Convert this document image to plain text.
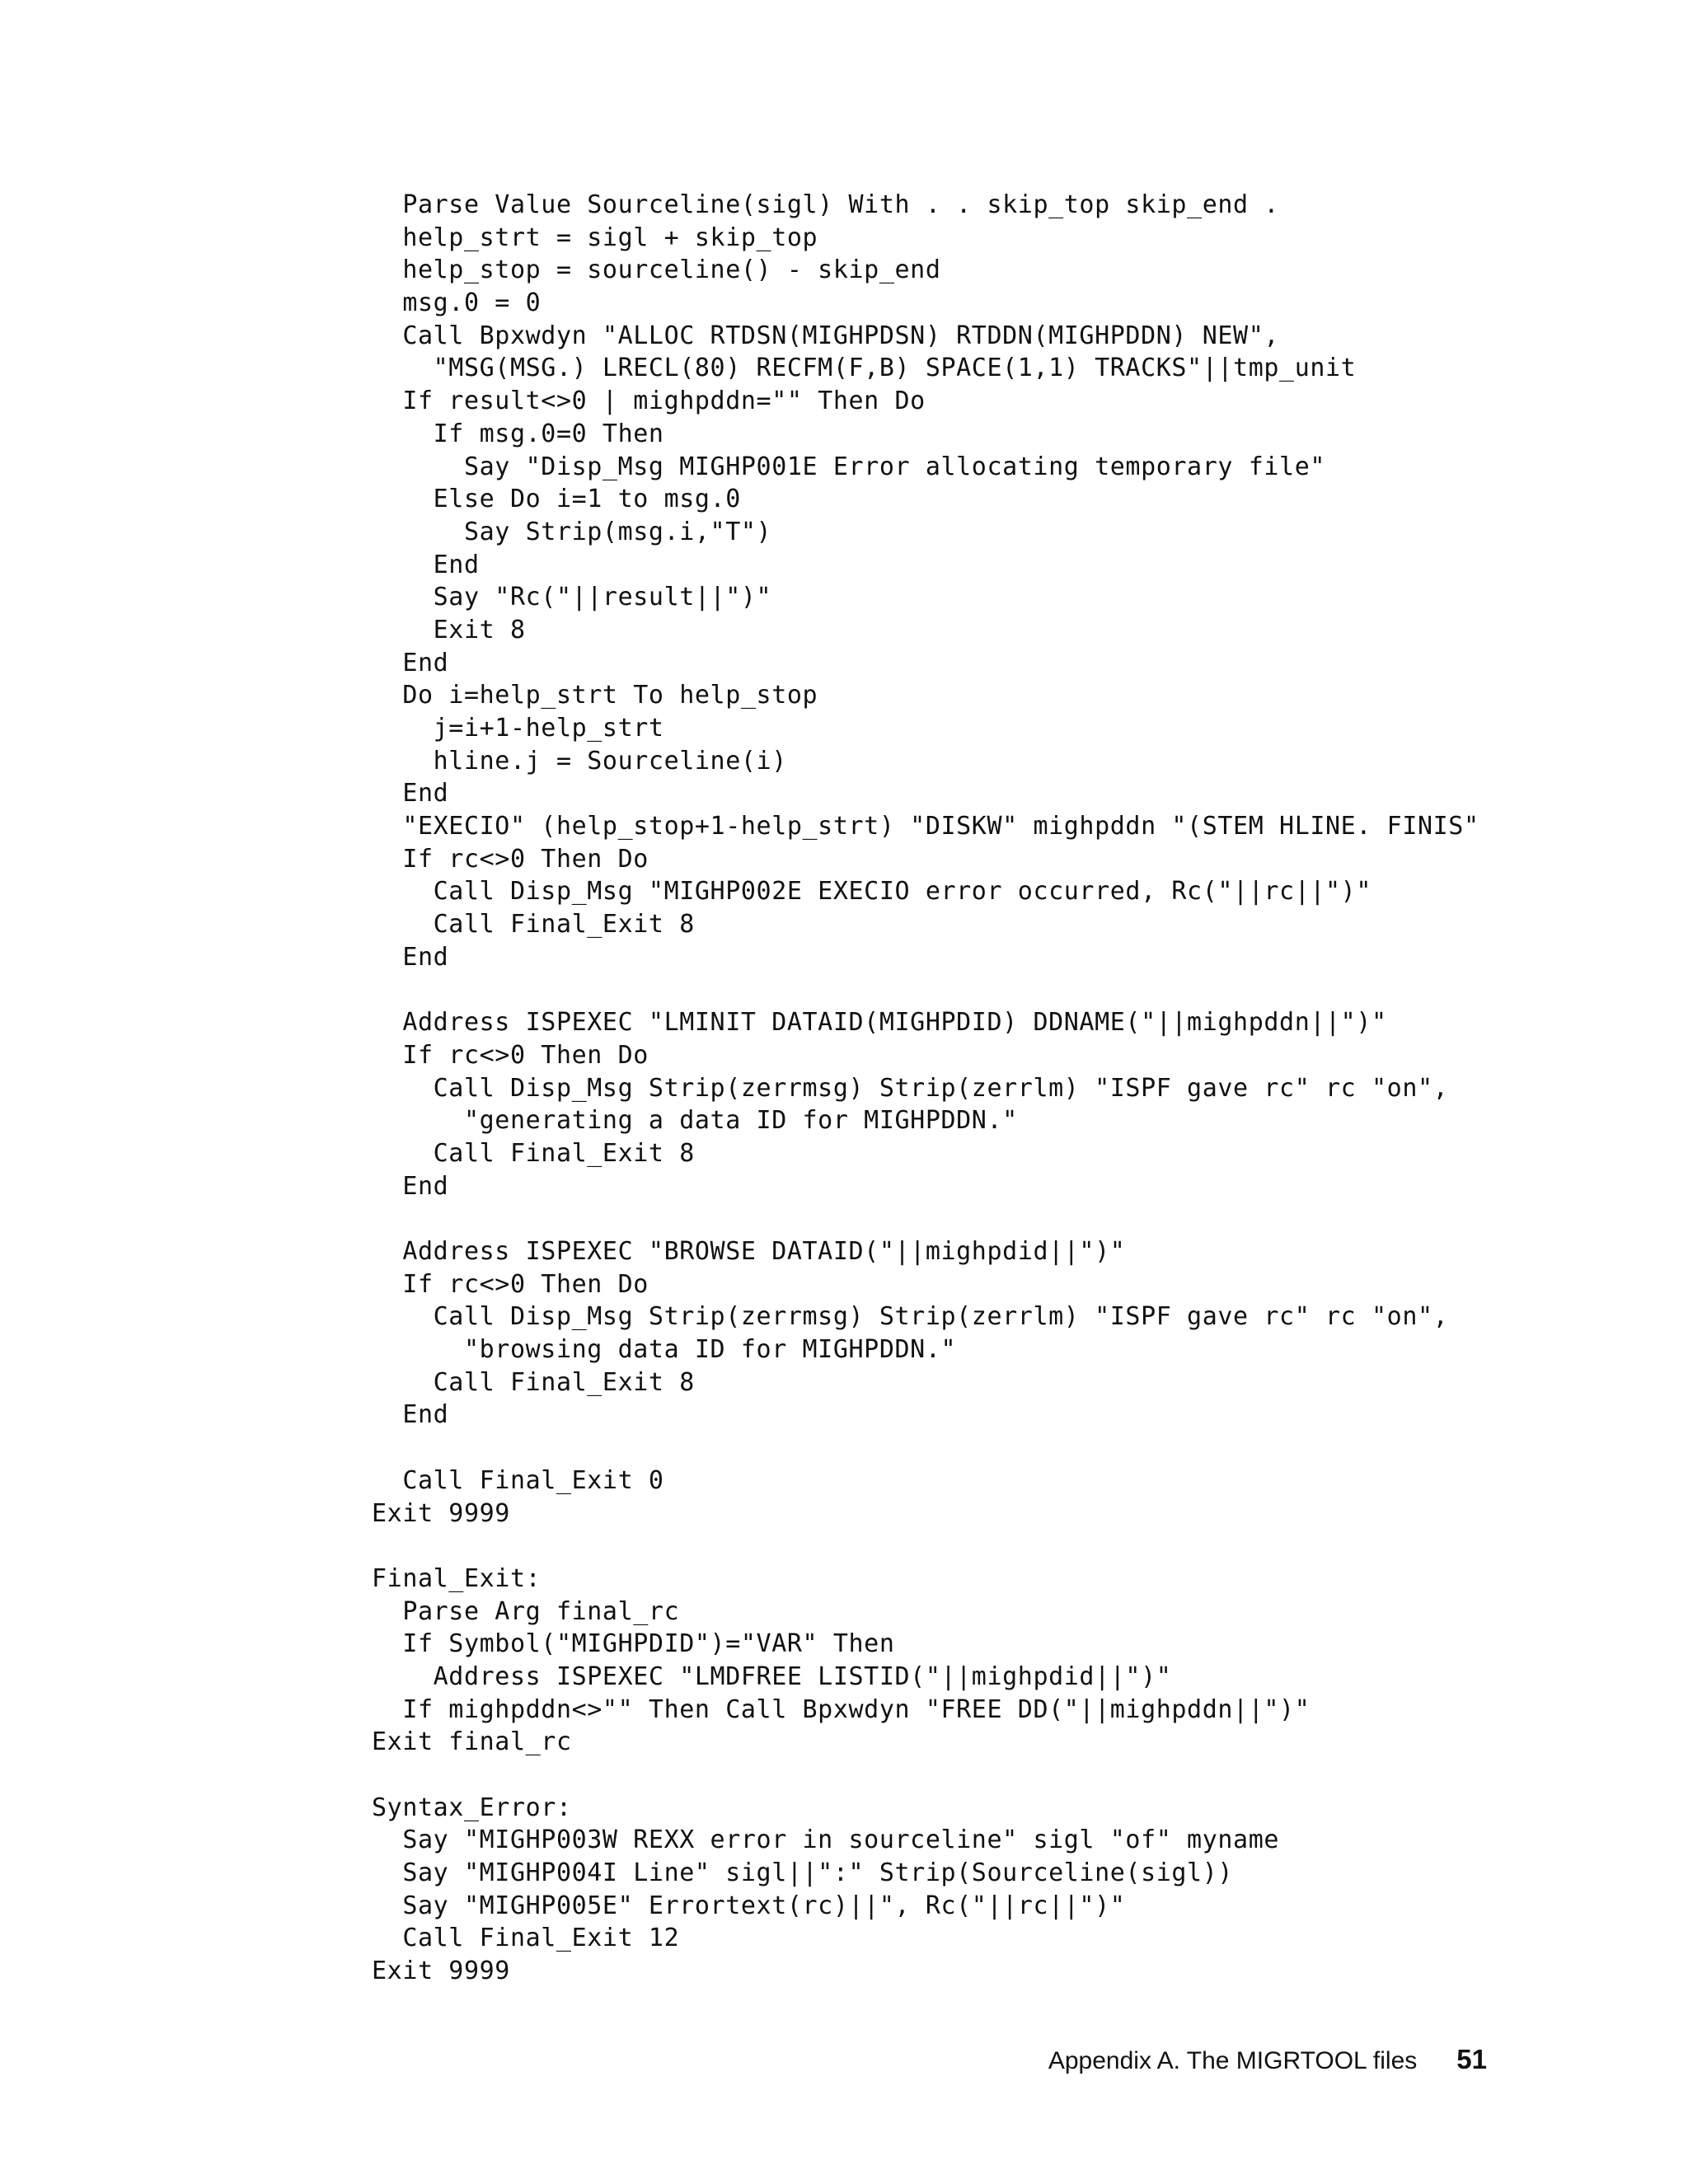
Parse Value Sourceline(sigl) With . . skip_top skip_end .
help_strt = sigl + skip_top
help_stop = sourceline() - skip_end
msg.0 = 0
Call Bpxwdyn "ALLOC RTDSN(MIGHPDSN) RTDDN(MIGHPDDN) NEW",
"MSG(MSG.) LRECL(80) RECFM(F,B) SPACE(1,1) TRACKS"||tmp_unit
If result<>0 | mighpddn="" Then Do
If msg.0=0 Then
Say "Disp_Msg MIGHP001E Error allocating temporary file"
Else Do i=1 to msg.0
Say Strip(msg.i,"T")
End
Say "Rc("||result||")"
Exit 8
End
Do i=help_strt To help_stop
j=i+1-help_strt
hline.j = Sourceline(i)
End
"EXECIO" (help_stop+1-help_strt) "DISKW" mighpddn "(STEM HLINE. FINIS"
If rc<>0 Then Do
Call Disp_Msg "MIGHP002E EXECIO error occurred, Rc("||rc||")"
Call Final_Exit 8
End

Address ISPEXEC "LMINIT DATAID(MIGHPDID) DDNAME("||mighpddn||")"
If rc<>0 Then Do
Call Disp_Msg Strip(zerrmsg) Strip(zerrlm) "ISPF gave rc" rc "on",
"generating a data ID for MIGHPDDN."
Call Final_Exit 8
End

Address ISPEXEC "BROWSE DATAID("||mighpdid||")"
If rc<>0 Then Do
Call Disp_Msg Strip(zerrmsg) Strip(zerrlm) "ISPF gave rc" rc "on",
"browsing data ID for MIGHPDDN."
Call Final_Exit 8
End

Call Final_Exit 0
Exit 9999

Final_Exit:
Parse Arg final_rc
If Symbol("MIGHPDID")="VAR" Then
Address ISPEXEC "LMDFREE LISTID("||mighpdid||")"
If mighpddn<>"" Then Call Bpxwdyn "FREE DD("||mighpddn||")"
Exit final_rc

Syntax_Error:
Say "MIGHP003W REXX error in sourceline" sigl "of" myname
Say "MIGHP004I Line" sigl||":" Strip(Sourceline(sigl))
Say "MIGHP005E" Errortext(rc)||", Rc("||rc||")"
Call Final_Exit 12
Exit 9999
Appendix A. The MIGRTOOL files 51
